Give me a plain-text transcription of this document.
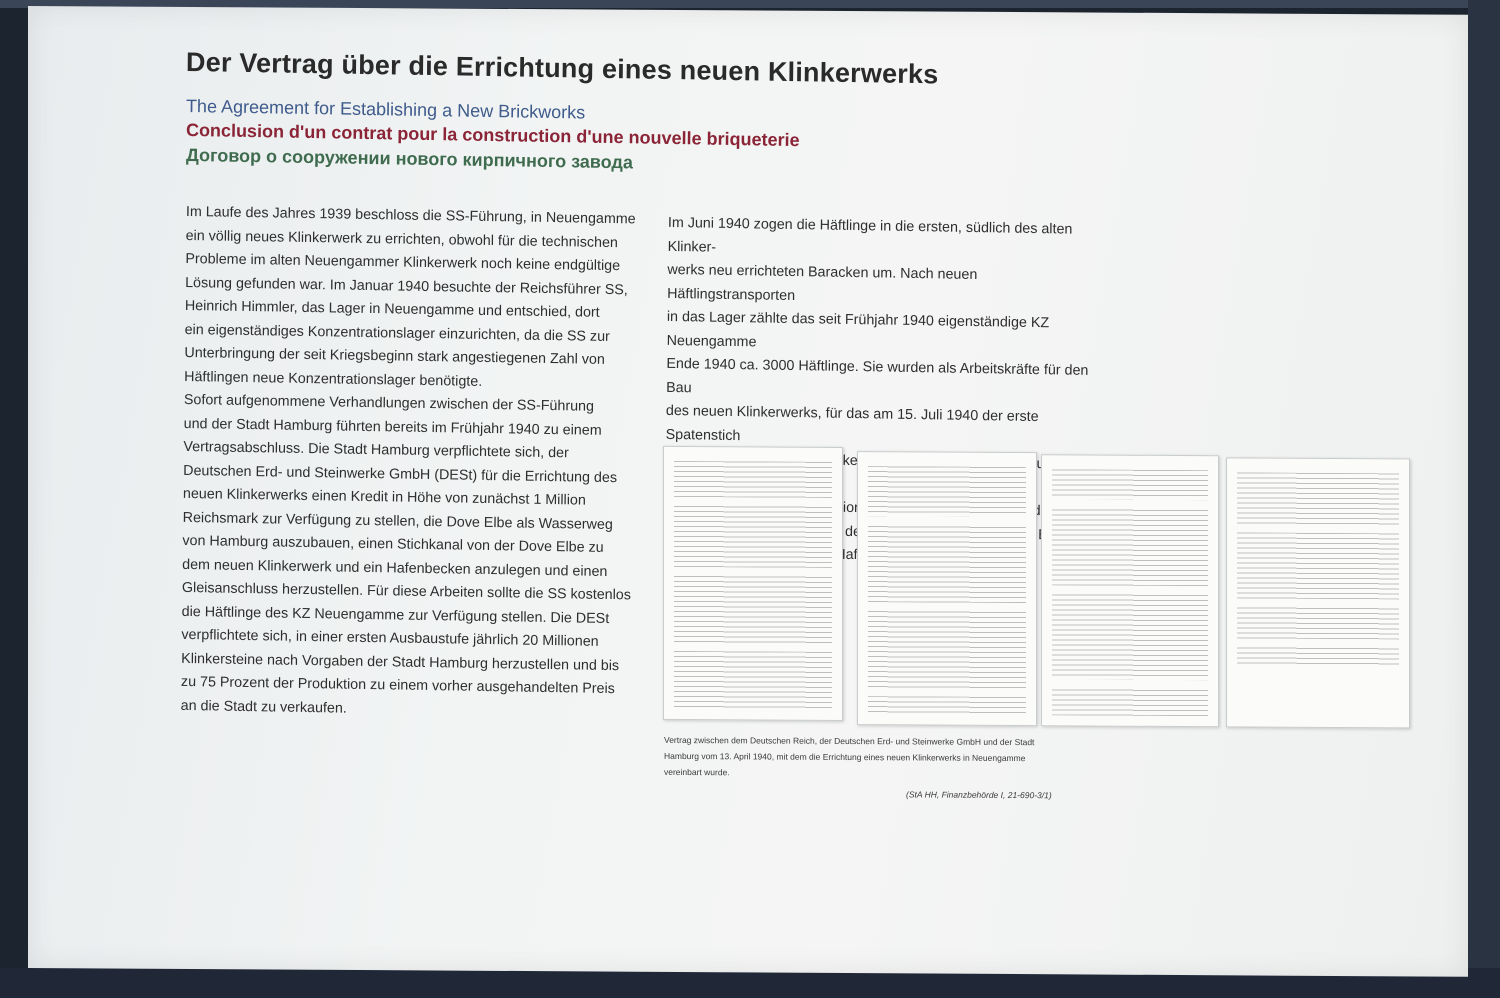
Der Vertrag über die Errichtung eines neuen Klinkerwerks

The Agreement for Establishing a New Brickworks

Conclusion d'un contrat pour la construction d'une nouvelle briqueterie

Договор о сооружении нового кирпичного завода

Im Laufe des Jahres 1939 beschloss die SS-Führung, in Neuengamme
ein völlig neues Klinkerwerk zu errichten, obwohl für die technischen
Probleme im alten Neuengammer Klinkerwerk noch keine endgültige
Lösung gefunden war. Im Januar 1940 besuchte der Reichsführer SS,
Heinrich Himmler, das Lager in Neuengamme und entschied, dort
ein eigenständiges Konzentrationslager einzurichten, da die SS zur
Unterbringung der seit Kriegsbeginn stark angestiegenen Zahl von
Häftlingen neue Konzentrationslager benötigte.
Sofort aufgenommene Verhandlungen zwischen der SS-Führung
und der Stadt Hamburg führten bereits im Frühjahr 1940 zu einem
Vertragsabschluss. Die Stadt Hamburg verpflichtete sich, der
Deutschen Erd- und Steinwerke GmbH (DESt) für die Errichtung des
neuen Klinkerwerks einen Kredit in Höhe von zunächst 1 Million
Reichsmark zur Verfügung zu stellen, die Dove Elbe als Wasserweg
von Hamburg auszubauen, einen Stichkanal von der Dove Elbe zu
dem neuen Klinkerwerk und ein Hafenbecken anzulegen und einen
Gleisanschluss herzustellen. Für diese Arbeiten sollte die SS kostenlos
die Häftlinge des KZ Neuengamme zur Verfügung stellen. Die DESt
verpflichtete sich, in einer ersten Ausbaustufe jährlich 20 Millionen
Klinkersteine nach Vorgaben der Stadt Hamburg herzustellen und bis
zu 75 Prozent der Produktion zu einem vorher ausgehandelten Preis
an die Stadt zu verkaufen.

Im Juni 1940 zogen die Häftlinge in die ersten, südlich des alten Klinker-
werks neu errichteten Baracken um. Nach neuen Häftlingstransporten
in das Lager zählte das seit Frühjahr 1940 eigenständige KZ Neuengamme
Ende 1940 ca. 3000 Häftlinge. Sie wurden als Arbeitskräfte für den Bau
des neuen Klinkerwerks, für das am 15. Juli 1940 der erste Spatenstich
Klinkerwerk

Vertrag zwischen dem Deutschen Reich, der Deutschen Erd- und Steinwerke GmbH und der Stadt Hamburg vom 13. April 1940, mit dem die Errichtung eines neuen Klinkerwerks in Neuengamme vereinbart wurde.

(StA HH, Finanzbehörde I, 21-690-3/1)
